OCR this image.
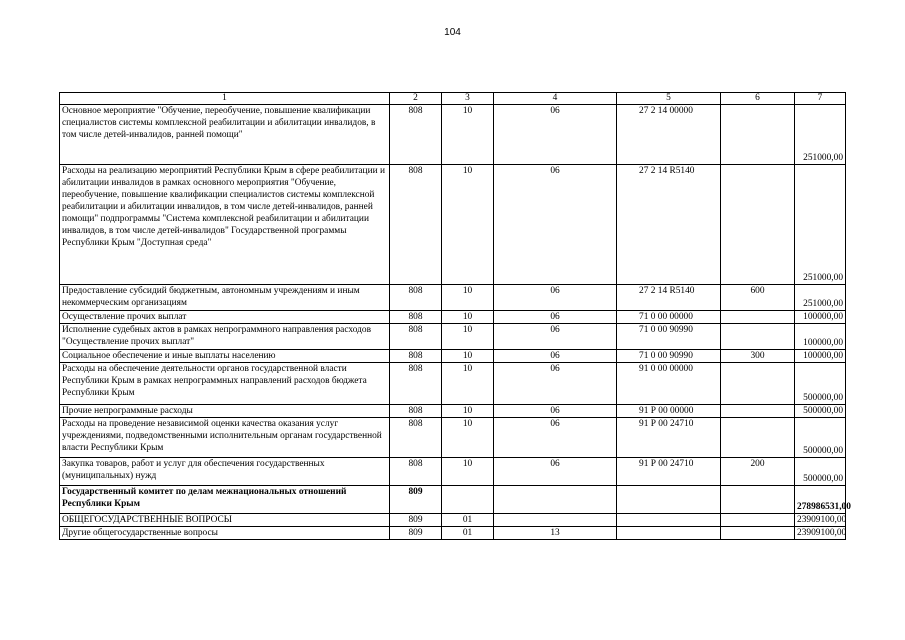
104
1	2	3	4	5	6	7
Основное мероприятие "Обучение, переобучение, повышение квалификации специалистов системы комплексной реабилитации и абилитации инвалидов, в том числе детей-инвалидов, ранней помощи"	808	10	06	27 2 14 00000		251000,00
Расходы на реализацию мероприятий Республики Крым в сфере реабилитации и абилитации инвалидов в рамках основного мероприятия "Обучение, переобучение, повышение квалификации специалистов системы комплексной реабилитации и абилитации инвалидов, в том числе детей-инвалидов, ранней помощи" подпрограммы "Система комплексной реабилитации и абилитации инвалидов, в том числе детей-инвалидов" Государственной программы Республики Крым "Доступная среда"	808	10	06	27 2 14 R5140		251000,00
Предоставление субсидий бюджетным, автономным учреждениям и иным некоммерческим организациям	808	10	06	27 2 14 R5140	600	251000,00
Осуществление прочих выплат	808	10	06	71 0 00 00000		100000,00
Исполнение судебных актов в рамках непрограммного направления расходов "Осуществление прочих выплат"	808	10	06	71 0 00 90990		100000,00
Социальное обеспечение и иные выплаты населению	808	10	06	71 0 00 90990	300	100000,00
Расходы на обеспечение деятельности органов государственной власти Республики Крым в рамках непрограммных направлений расходов бюджета Республики Крым	808	10	06	91 0 00 00000		500000,00
Прочие непрограммные расходы	808	10	06	91 Р 00 00000		500000,00
Расходы на проведение независимой оценки качества оказания услуг учреждениями, подведомственными исполнительным органам государственной власти Республики Крым	808	10	06	91 Р 00 24710		500000,00
Закупка товаров, работ и услуг для обеспечения государственных (муниципальных) нужд	808	10	06	91 Р 00 24710	200	500000,00
Государственный комитет по делам межнациональных отношений Республики Крым	809					278986531,00
ОБЩЕГОСУДАРСТВЕННЫЕ ВОПРОСЫ	809	01				23909100,00
Другие общегосударственные вопросы	809	01	13			23909100,00
